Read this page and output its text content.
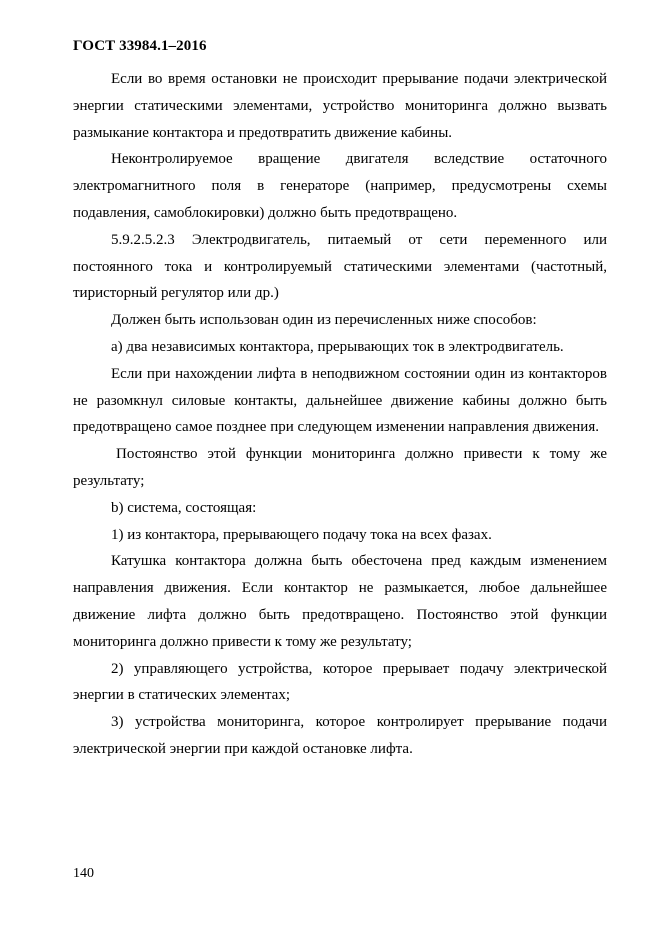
ГОСТ 33984.1–2016

Если во время остановки не происходит прерывание подачи электрической энергии статическими элементами, устройство мониторинга должно вызвать размыкание контактора и предотвратить движение кабины.

Неконтролируемое вращение двигателя вследствие остаточного электромагнитного поля в генераторе (например, предусмотрены схемы подавления, самоблокировки) должно быть предотвращено.

5.9.2.5.2.3 Электродвигатель, питаемый от сети переменного или постоянного тока и контролируемый статическими элементами (частотный, тиристорный регулятор или др.)

Должен быть использован один из перечисленных ниже способов:

a) два независимых контактора, прерывающих ток в электродвигатель.

Если при нахождении лифта в неподвижном состоянии один из контакторов не разомкнул силовые контакты, дальнейшее движение кабины должно быть предотвращено самое позднее при следующем изменении направления движения.

Постоянство этой функции мониторинга должно привести к тому же результату;

b) система, состоящая:

1) из контактора, прерывающего подачу тока на всех фазах.

Катушка контактора должна быть обесточена пред каждым изменением направления движения. Если контактор не размыкается, любое дальнейшее движение лифта должно быть предотвращено. Постоянство этой функции мониторинга должно привести к тому же результату;

2) управляющего устройства, которое прерывает подачу электрической энергии в статических элементах;

3) устройства мониторинга, которое контролирует прерывание подачи электрической энергии при каждой остановке лифта.

140
